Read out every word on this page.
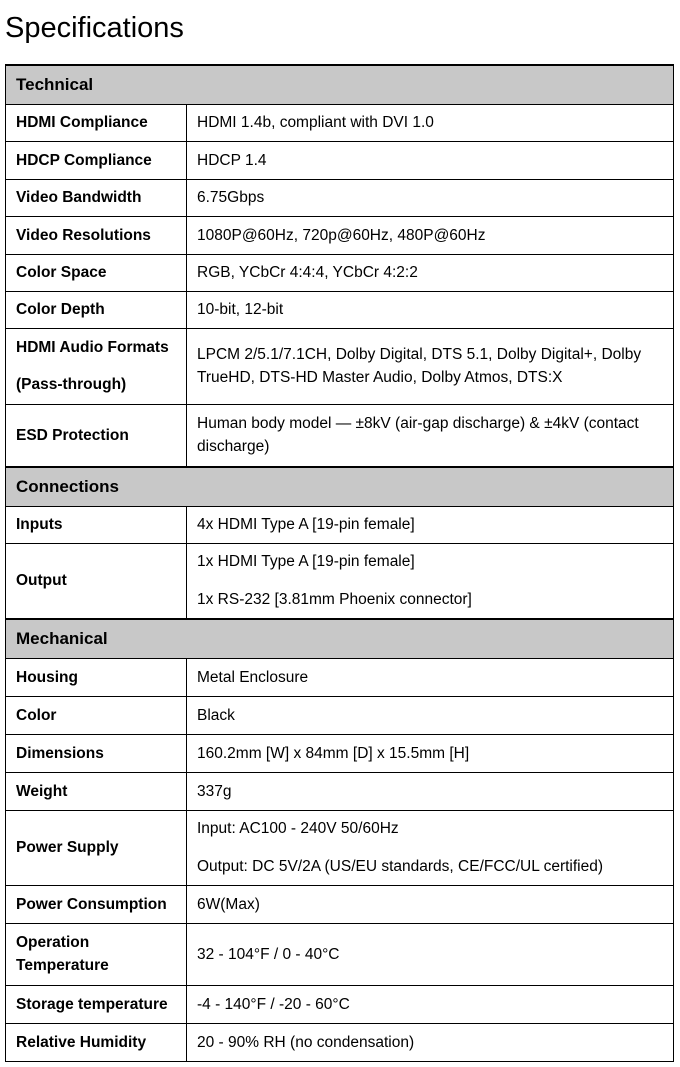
Specifications
Technical	

HDMI Compliance	HDMI 1.4b, compliant with DVI 1.0

HDCP Compliance	HDCP 1.4

Video Bandwidth	6.75Gbps

Video Resolutions	1080P@60Hz, 720p@60Hz, 480P@60Hz

Color Space	RGB, YCbCr 4:4:4, YCbCr 4:2:2

Color Depth	10-bit, 12-bit

HDMI Audio Formats
(Pass-through)	LPCM 2/5.1/7.1CH, Dolby Digital, DTS 5.1, Dolby Digital+, Dolby TrueHD, DTS-HD Master Audio, Dolby Atmos, DTS:X

ESD Protection	Human body model — ±8kV (air-gap discharge) & ±4kV (contact discharge)

Connections	

Inputs	4x HDMI Type A [19-pin female]

Output	1x HDMI Type A [19-pin female]
1x RS-232 [3.81mm Phoenix connector]

Mechanical	

Housing	Metal Enclosure

Color	Black

Dimensions	160.2mm [W] x 84mm [D] x 15.5mm [H]

Weight	337g

Power Supply	Input: AC100 - 240V 50/60Hz
Output: DC 5V/2A (US/EU standards, CE/FCC/UL certified)

Power Consumption	6W(Max)

Operation Temperature	32 - 104°F / 0 - 40°C

Storage temperature	-4 - 140°F / -20 - 60°C

Relative Humidity	20 - 90% RH (no condensation)
